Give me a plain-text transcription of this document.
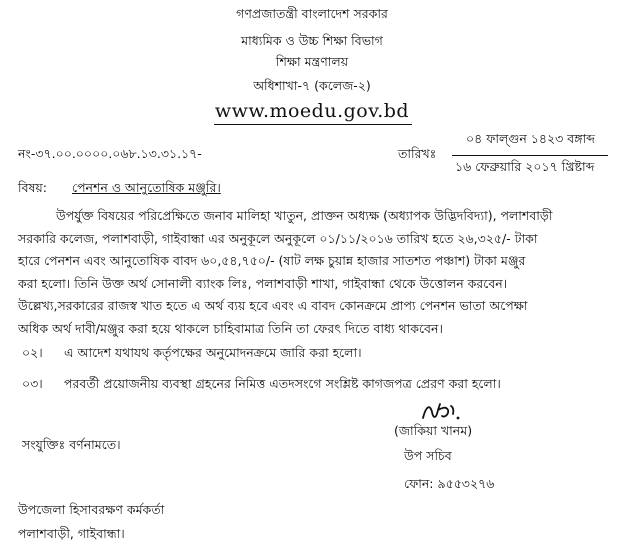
গণপ্রজাতন্ত্রী বাংলাদেশ সরকার
মাধ্যমিক ও উচ্চ শিক্ষা বিভাগ
শিক্ষা মন্ত্রণালয়
অধিশাখা-৭ (কলেজ-২)
www.moedu.gov.bd
নং-৩৭.০০.০০০০.০৬৮.১৩.৩১.১৭-	তারিখঃ
০৪ ফাল্গুন ১৪২৩ বঙ্গাব্দ
১৬ ফেব্রুয়ারি ২০১৭ খ্রিষ্টাব্দ
বিষয়: পেনশন ও আনুতোষিক মঞ্জুরি।
উপর্যুক্ত বিষয়ের পরিপ্রেক্ষিতে জনাব মালিহা খাতুন, প্রাক্তন অধ্যক্ষ (অধ্যাপক উদ্ভিদবিদ্যা), পলাশবাড়ী
সরকারি কলেজ, পলাশবাড়ী, গাইবান্ধা এর অনুকূলে অনুকূলে ০১/১১/২০১৬ তারিখ হতে ২৬,৩২৫/- টাকা
হারে পেনশন এবং আনুতোষিক বাবদ ৬০,৫৪,৭৫০/- (ষাট লক্ষ চুয়ান্ন হাজার সাতশত পঞ্চাশ) টাকা মঞ্জুর
করা হলো। তিনি উক্ত অর্থ সোনালী ব্যাংক লিঃ, পলাশবাড়ী শাখা, গাইবান্ধা থেকে উত্তোলন করবেন।
উল্লেখ্য,সরকারের রাজস্ব খাত হতে এ অর্থ ব্যয় হবে এবং এ বাবদ কোনক্রমে প্রাপ্য পেনশন ভাতা অপেক্ষা
অধিক অর্থ দাবী/মঞ্জুর করা হয়ে থাকলে চাহিবামাত্র তিনি তা ফেরৎ দিতে বাধ্য থাকবেন।
০২। এ আদেশ যথাযথ কর্তৃপক্ষের অনুমোদনক্রমে জারি করা হলো।
০৩। পরবর্তী প্রয়োজনীয় ব্যবস্থা গ্রহনের নিমিত্ত এতদসংগে সংশ্লিষ্ট কাগজপত্র প্রেরণ করা হলো।
সংযুক্তিঃ বর্ণনামতে।
(জাকিয়া খানম)
উপ সচিব
ফোন: ৯৫৫৩২৭৬
উপজেলা হিসাবরক্ষণ কর্মকর্তা
পলাশবাড়ী, গাইবান্ধা।
